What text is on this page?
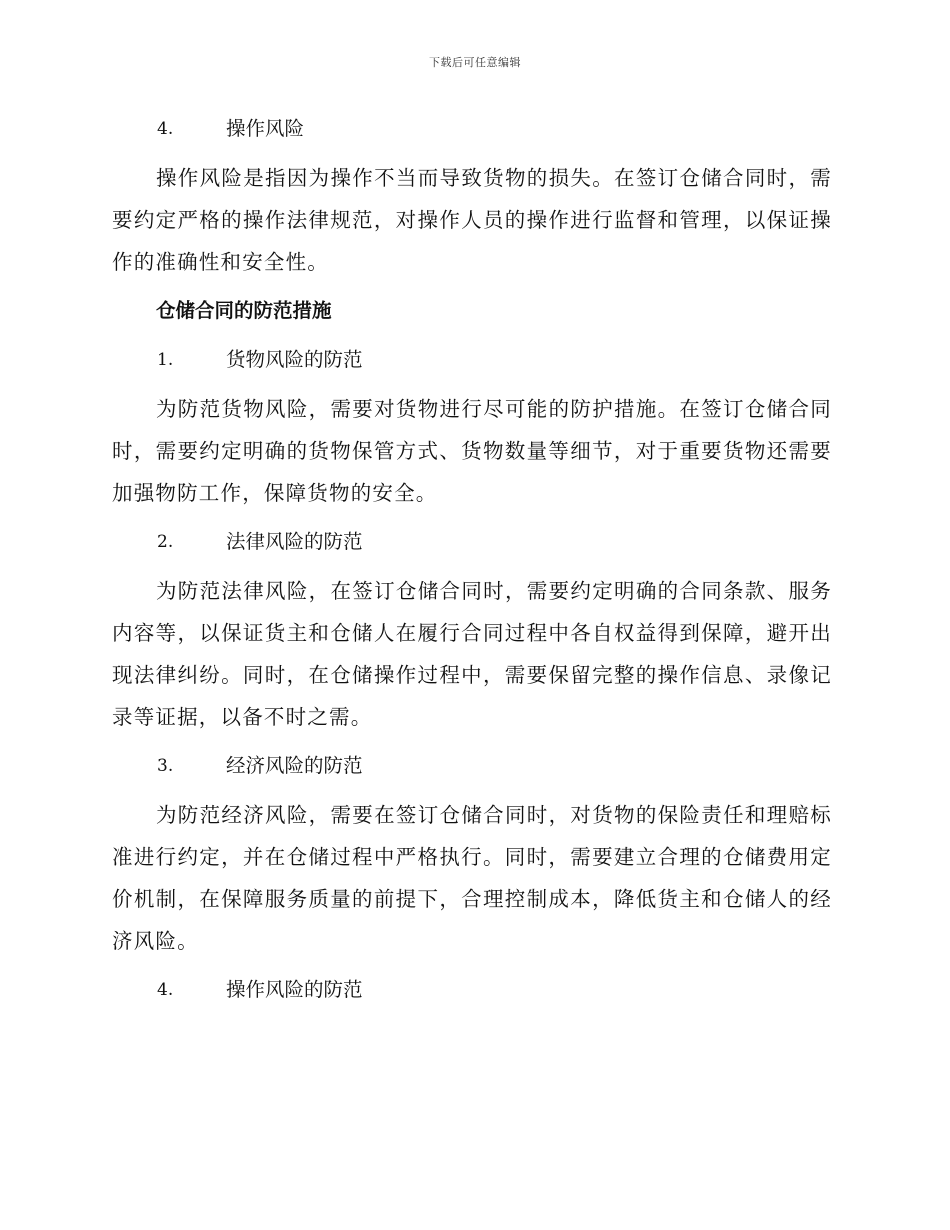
下载后可任意编辑
4.	操作风险

操作风险是指因为操作不当而导致货物的损失。在签订仓储合同时，需要约定严格的操作法律规范，对操作人员的操作进行监督和管理，以保证操作的准确性和安全性。

仓储合同的防范措施
1.	货物风险的防范

为防范货物风险，需要对货物进行尽可能的防护措施。在签订仓储合同时，需要约定明确的货物保管方式、货物数量等细节，对于重要货物还需要加强物防工作，保障货物的安全。

2.	法律风险的防范

为防范法律风险，在签订仓储合同时，需要约定明确的合同条款、服务内容等，以保证货主和仓储人在履行合同过程中各自权益得到保障，避开出现法律纠纷。同时，在仓储操作过程中，需要保留完整的操作信息、录像记录等证据，以备不时之需。

3.	经济风险的防范

为防范经济风险，需要在签订仓储合同时，对货物的保险责任和理赔标准进行约定，并在仓储过程中严格执行。同时，需要建立合理的仓储费用定价机制，在保障服务质量的前提下，合理控制成本，降低货主和仓储人的经济风险。

4.	操作风险的防范
